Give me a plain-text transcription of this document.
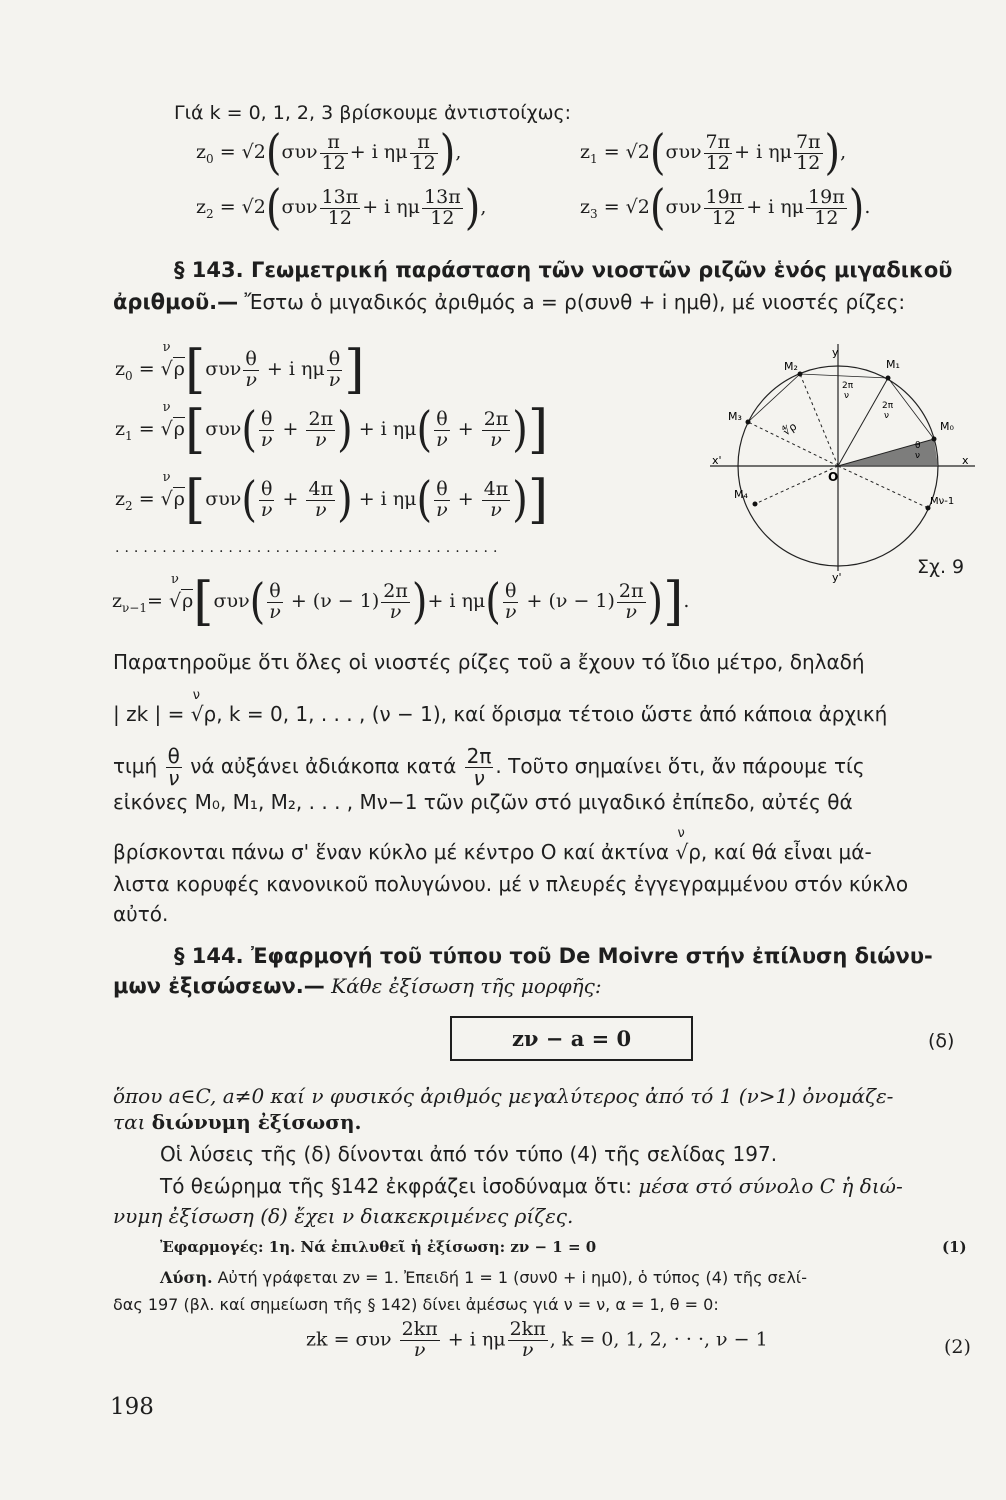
Γιά k = 0, 1, 2, 3 βρίσκουμε ἀντιστοίχως:
$z_0 = √2(\sigma\upsilon\nu \frac{\pi}{12} + i$ ημ $\frac{\pi}{12}$ ),	$z_1 = √2(\sigma\upsilon\nu \frac{7\pi}{12} + i$ ημ $\frac{7\pi}{12}$ ),
$z_2 = √2(\sigma\upsilon\nu \frac{13\pi}{12} + i$ ημ $\frac{13\pi}{12}$ ),	$z_3 = √2(\sigma\upsilon\nu \frac{19\pi}{12} + i$ ημ $\frac{19\pi}{12}$ ).
§ 143. Γεωμετρική παράσταση τῶν νιοστῶν ριζῶν ἑνός μιγαδικοῦ
ἀριθμοῦ.— Ἔστω ὁ μιγαδικός ἀριθμός a = ρ(συνθ + i ημθ), μέ νιοστές ρίζες:
$z_0$ =
ν
$√\rho[\sigma\upsilon\nu \frac{\theta}{\nu} + i$ ημ $\frac{\theta}{\nu}$ ]
$z_1$ =
ν
$√\rho[\sigma\upsilon\nu( \frac{\theta}{\nu} + \frac{2\pi}{\nu}$ ) + i $\eta\mu( \frac{\theta}{\nu} + \frac{2\pi}{\nu}$ )]
$z_2$ =
ν
$√\rho[\sigma\upsilon\nu( \frac{\theta}{\nu} + \frac{4\pi}{\nu}$ ) + i $\eta\mu( \frac{\theta}{\nu} + \frac{4\pi}{\nu}$ )]
.........................................
$z_{\nu-1}=$
ν
$√\rho[\sigma\upsilon\nu( \frac{\theta}{\nu} + (\nu - 1) \frac{2\pi}{\nu}$ )+ i $\eta\mu( \frac{\theta}{\nu} + (\nu - 1) \frac{2\pi}{\nu}$ )].
y
y'
x'	x
O
M₀
M₁
M₂
M₃
M₄
Mν-1
2π
ν
2π
ν
θ
ν
∜ρ
Σχ. 9
Παρατηροῦμε ὅτι ὅλες οἱ νιοστές ρίζες τοῦ a ἔχουν τό ἴδιο μέτρο, δηλαδή
| zk | =
ν
√ρ, k = 0, 1, . . . , (ν − 1), καί ὅρισμα τέτοιο ὥστε ἀπό κάποια ἀρχική
τιμή $\frac{\theta}{\nu}$ νά αὐξάνει ἀδιάκοπα κατά $\frac{2\pi}{\nu}$ . Τοῦτο σημαίνει ὅτι, ἄν πάρουμε τίς
εἰκόνες M₀, M₁, M₂, . . . , Mν−1 τῶν ριζῶν στό μιγαδικό ἐπίπεδο, αὐτές θά
βρίσκονται πάνω σ' ἕναν κύκλο μέ κέντρο O καί ἀκτίνα
ν
√ρ, καί θά εἶναι μά-
λιστα κορυφές κανονικοῦ πολυγώνου. μέ ν πλευρές ἐγγεγραμμένου στόν κύκλο
αὐτό.
§ 144. Ἐφαρμογή τοῦ τύπου τοῦ De Moivre στήν ἐπίλυση διώνυ-
μων ἐξισώσεων.— Κάθε ἐξίσωση τῆς μορφῆς:
zν − a = 0	(δ)
ὅπου a∈C, a≠0 καί ν φυσικός ἀριθμός μεγαλύτερος ἀπό τό 1 (ν>1) ὀνομάζε-
ται διώνυμη ἐξίσωση.
Οἱ λύσεις τῆς (δ) δίνονται ἀπό τόν τύπο (4) τῆς σελίδας 197.
Τό θεώρημα τῆς §142 ἐκφράζει ἰσοδύναμα ὅτι: μέσα στό σύνολο C ἡ διώ-
νυμη ἐξίσωση (δ) ἔχει ν διακεκριμένες ρίζες.
Ἐφαρμογές: 1η. Νά ἐπιλυθεῖ ἡ ἐξίσωση: zν − 1 = 0	(1)
Λύση. Αὐτή γράφεται zν = 1. Ἐπειδή 1 = 1 (συν0 + i ημ0), ὁ τύπος (4) τῆς σελί-
δας 197 (βλ. καί σημείωση τῆς § 142) δίνει ἀμέσως γιά ν = ν, α = 1, θ = 0:
zk = συν $\frac{2k\pi}{\nu} + i$ ημ $\frac{2k\pi}{\nu}$ , k = 0, 1, 2, · · ·, ν − 1	(2)
198
